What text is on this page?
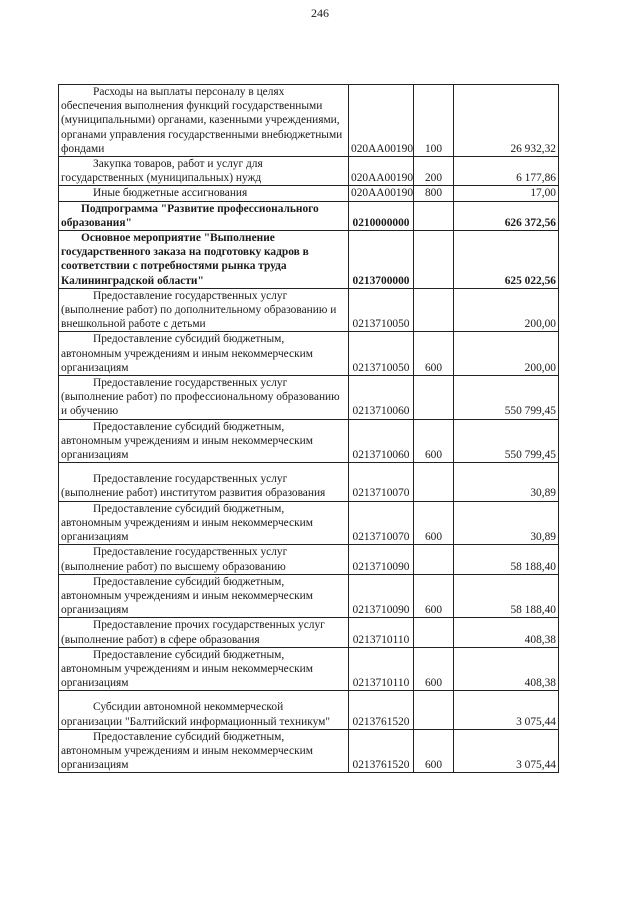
246
Расходы на выплаты персоналу в целях обеспечения выполнения функций государственными (муниципальными) органами, казенными учреждениями, органами управления государственными внебюджетными фондами	020АА00190	100	26 932,32

Закупка товаров, работ и услуг для государственных (муниципальных) нужд	020АА00190	200	6 177,86

Иные бюджетные ассигнования	020АА00190	800	17,00

Подпрограмма "Развитие профессионального образования"	0210000000		626 372,56

Основное мероприятие "Выполнение государственного заказа на подготовку кадров в соответствии с потребностями рынка труда Калининградской области"	0213700000		625 022,56

Предоставление государственных услуг (выполнение работ) по дополнительному образованию и внешкольной работе с детьми	0213710050		200,00

Предоставление субсидий бюджетным, автономным учреждениям и иным некоммерческим организациям	0213710050	600	200,00

Предоставление государственных услуг (выполнение работ) по профессиональному образованию и обучению	0213710060		550 799,45

Предоставление субсидий бюджетным, автономным учреждениям и иным некоммерческим организациям	0213710060	600	550 799,45

Предоставление государственных услуг (выполнение работ) институтом развития образования	0213710070		30,89

Предоставление субсидий бюджетным, автономным учреждениям и иным некоммерческим организациям	0213710070	600	30,89

Предоставление государственных услуг (выполнение работ) по высшему образованию	0213710090		58 188,40

Предоставление субсидий бюджетным, автономным учреждениям и иным некоммерческим организациям	0213710090	600	58 188,40

Предоставление прочих государственных услуг (выполнение работ) в сфере образования	0213710110		408,38

Предоставление субсидий бюджетным, автономным учреждениям и иным некоммерческим организациям	0213710110	600	408,38

Субсидии автономной некоммерческой организации "Балтийский информационный техникум"	0213761520		3 075,44

Предоставление субсидий бюджетным, автономным учреждениям и иным некоммерческим организациям	0213761520	600	3 075,44
